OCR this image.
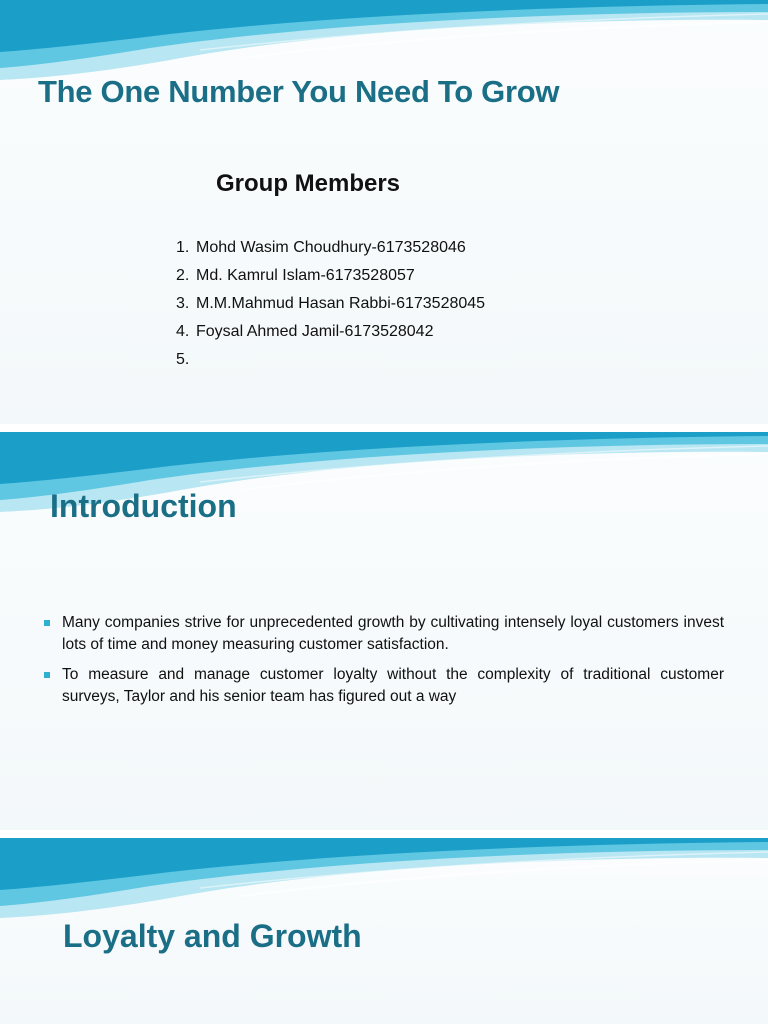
The One Number You Need To Grow
Group Members
1. Mohd Wasim Choudhury-6173528046
2. Md. Kamrul Islam-6173528057
3. M.M.Mahmud Hasan Rabbi-6173528045
4. Foysal Ahmed Jamil-6173528042
5.
Introduction
Many companies strive for unprecedented growth by cultivating intensely loyal customers invest lots of time and money measuring customer satisfaction.
To measure and manage customer loyalty without the complexity of traditional customer surveys, Taylor and his senior team has figured out a way
Loyalty and Growth
